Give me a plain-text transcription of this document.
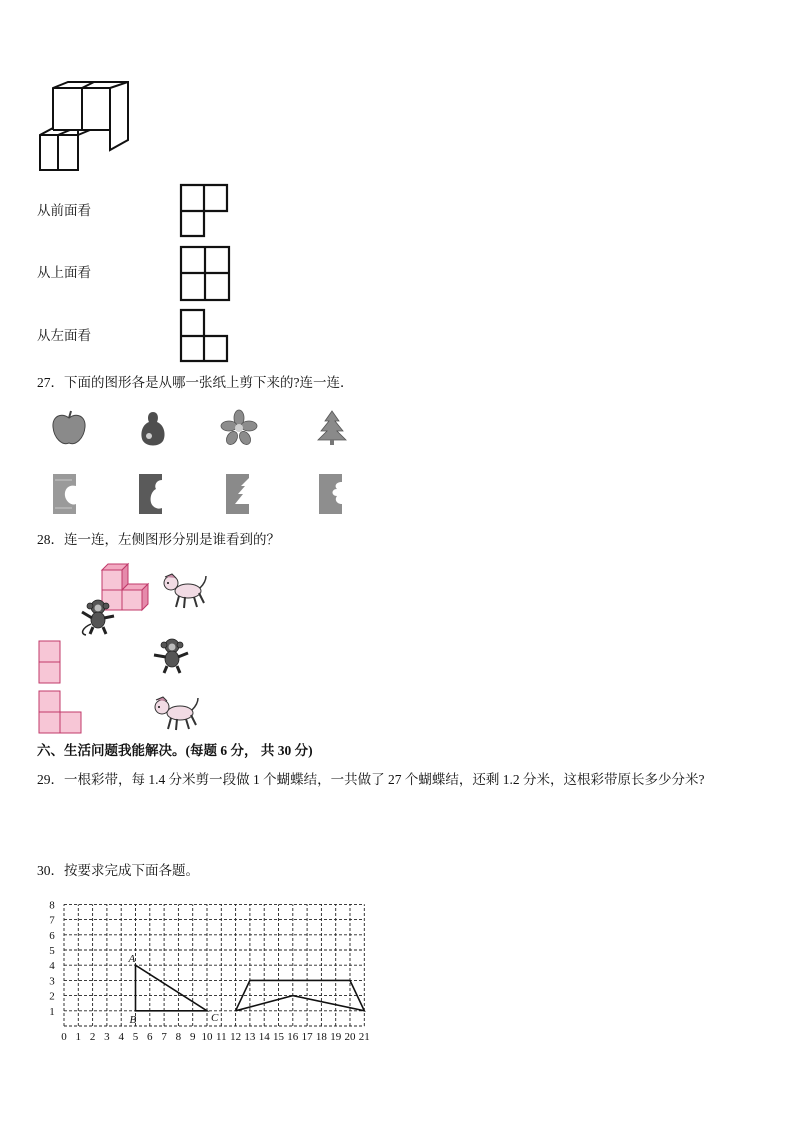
从前面看
从上面看
从左面看
27．下面的图形各是从哪一张纸上剪下来的?连一连．
28．连一连，左侧图形分别是谁看到的？
六、生活问题我能解决。(每题 6 分， 共 30 分)
29．一根彩带，每 1.4 分米剪一段做 1 个蝴蝶结，一共做了 27 个蝴蝶结，还剩 1.2 分米，这根彩带原长多少分米?
30．按要求完成下面各题。
0 1 2 3 4 5 6 7 8 9 10 11 12 13 14 15 16 17 18 19 20 21
1
2
3
4
5
6
7
8
A
B	C
